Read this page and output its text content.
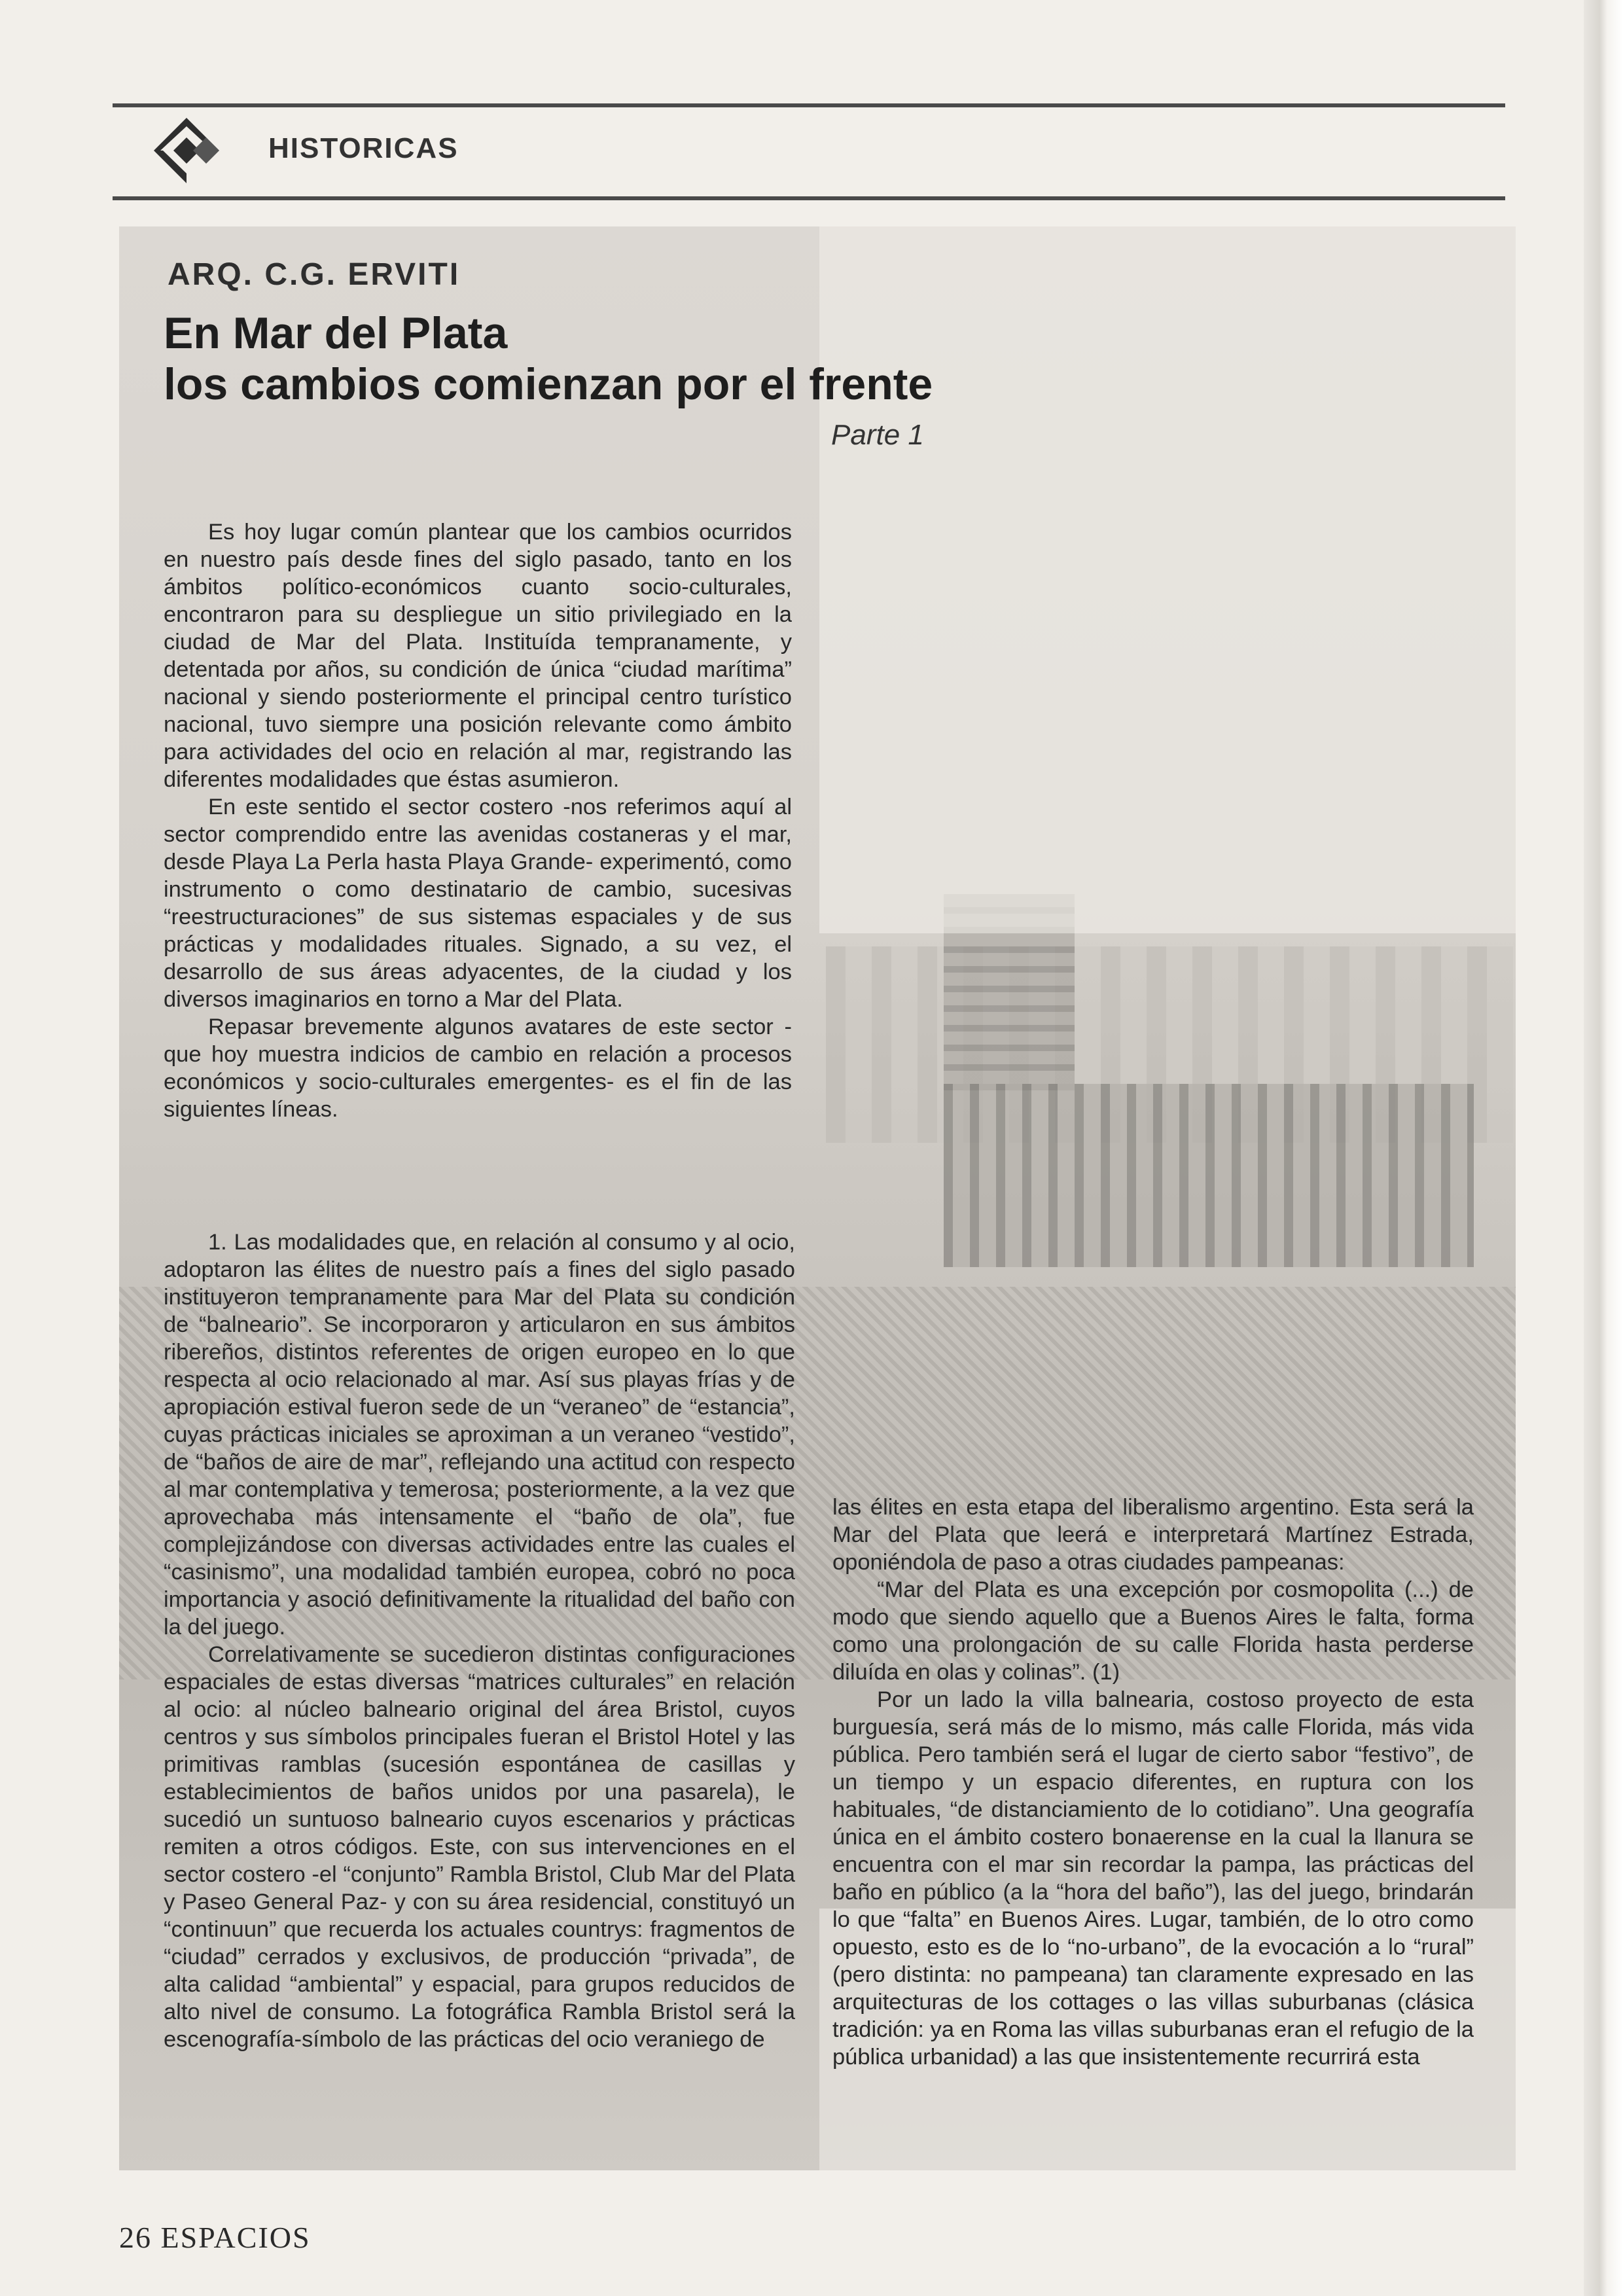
HISTORICAS
ARQ. C.G. ERVITI
En Mar del Plata
los cambios comienzan por el frente
Parte 1

Es hoy lugar común plantear que los cambios ocurridos en nuestro país desde fines del siglo pasado, tanto en los ámbitos político-económicos cuanto socio-culturales, encontraron para su despliegue un sitio privilegiado en la ciudad de Mar del Plata. Instituída tempranamente, y detentada por años, su condición de única “ciudad marítima” nacional y siendo posteriormente el principal centro turístico nacional, tuvo siempre una posición relevante como ámbito para actividades del ocio en relación al mar, registrando las diferentes modalidades que éstas asumieron.

En este sentido el sector costero -nos referimos aquí al sector comprendido entre las avenidas costaneras y el mar, desde Playa La Perla hasta Playa Grande- experimentó, como instrumento o como destinatario de cambio, sucesivas “reestructuraciones” de sus sistemas espaciales y de sus prácticas y modalidades rituales. Signado, a su vez, el desarrollo de sus áreas adyacentes, de la ciudad y los diversos imaginarios en torno a Mar del Plata.

Repasar brevemente algunos avatares de este sector - que hoy muestra indicios de cambio en relación a procesos económicos y socio-culturales emergentes- es el fin de las siguientes líneas.

1. Las modalidades que, en relación al consumo y al ocio, adoptaron las élites de nuestro país a fines del siglo pasado instituyeron tempranamente para Mar del Plata su condición de “balneario”. Se incorporaron y articularon en sus ámbitos ribereños, distintos referentes de origen europeo en lo que respecta al ocio relacionado al mar. Así sus playas frías y de apropiación estival fueron sede de un “veraneo” de “estancia”, cuyas prácticas iniciales se aproximan a un veraneo “vestido”, de “baños de aire de mar”, reflejando una actitud con respecto al mar contemplativa y temerosa; posteriormente, a la vez que aprovechaba más intensamente el “baño de ola”, fue complejizándose con diversas actividades entre las cuales el “casinismo”, una modalidad también europea, cobró no poca importancia y asoció definitivamente la ritualidad del baño con la del juego.

Correlativamente se sucedieron distintas configuraciones espaciales de estas diversas “matrices culturales” en relación al ocio: al núcleo balneario original del área Bristol, cuyos centros y sus símbolos principales fueran el Bristol Hotel y las primitivas ramblas (sucesión espontánea de casillas y establecimientos de baños unidos por una pasarela), le sucedió un suntuoso balneario cuyos escenarios y prácticas remiten a otros códigos. Este, con sus intervenciones en el sector costero -el “conjunto” Rambla Bristol, Club Mar del Plata y Paseo General Paz- y con su área residencial, constituyó un “continuun” que recuerda los actuales countrys: fragmentos de “ciudad” cerrados y exclusivos, de producción “privada”, de alta calidad “ambiental” y espacial, para grupos reducidos de alto nivel de consumo. La fotográfica Rambla Bristol será la escenografía-símbolo de las prácticas del ocio veraniego de

las élites en esta etapa del liberalismo argentino. Esta será la Mar del Plata que leerá e interpretará Martínez Estrada, oponiéndola de paso a otras ciudades pampeanas:

“Mar del Plata es una excepción por cosmopolita (...) de modo que siendo aquello que a Buenos Aires le falta, forma como una prolongación de su calle Florida hasta perderse diluída en olas y colinas”. (1)

Por un lado la villa balnearia, costoso proyecto de esta burguesía, será más de lo mismo, más calle Florida, más vida pública. Pero también será el lugar de cierto sabor “festivo”, de un tiempo y un espacio diferentes, en ruptura con los habituales, “de distanciamiento de lo cotidiano”. Una geografía única en el ámbito costero bonaerense en la cual la llanura se encuentra con el mar sin recordar la pampa, las prácticas del baño en público (a la “hora del baño”), las del juego, brindarán lo que “falta” en Buenos Aires. Lugar, también, de lo otro como opuesto, esto es de lo “no-urbano”, de la evocación a lo “rural” (pero distinta: no pampeana) tan claramente expresado en las arquitecturas de los cottages o las villas suburbanas (clásica tradición: ya en Roma las villas suburbanas eran el refugio de la pública urbanidad) a las que insistentemente recurrirá esta

26 ESPACIOS
